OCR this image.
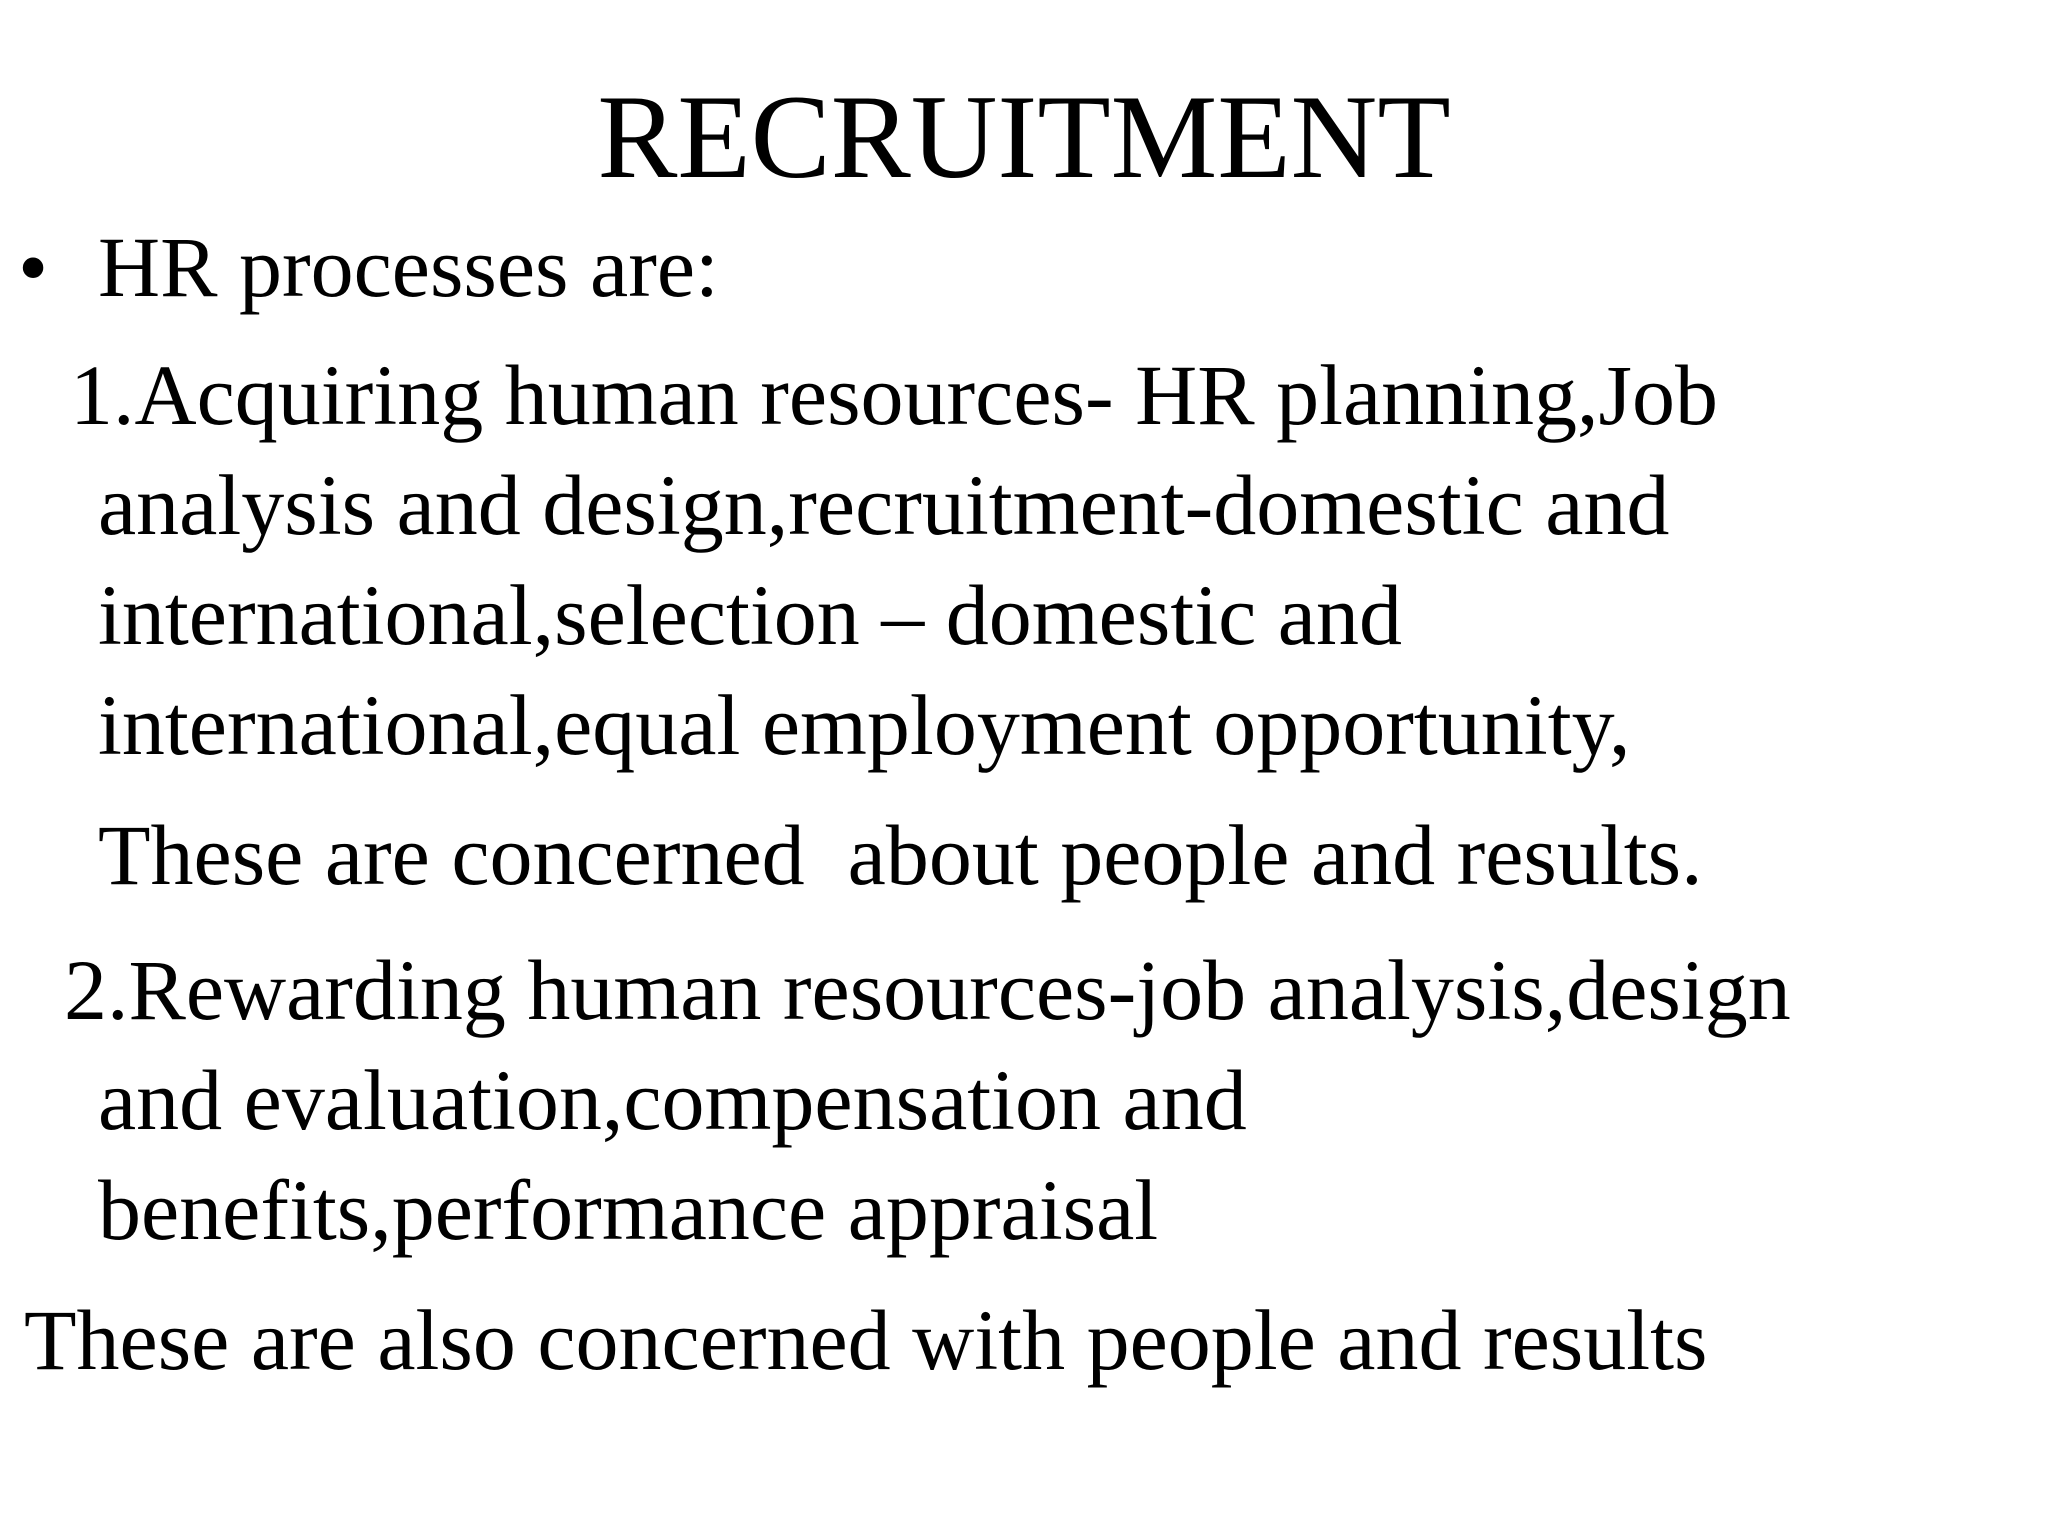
RECRUITMENT
• HR processes are:
1.Acquiring human resources- HR planning,Job
analysis and design,recruitment-domestic and
international,selection – domestic and
international,equal employment opportunity,
These are concerned  about people and results.
2.Rewarding human resources-job analysis,design
and evaluation,compensation and
benefits,performance appraisal
These are also concerned with people and results
